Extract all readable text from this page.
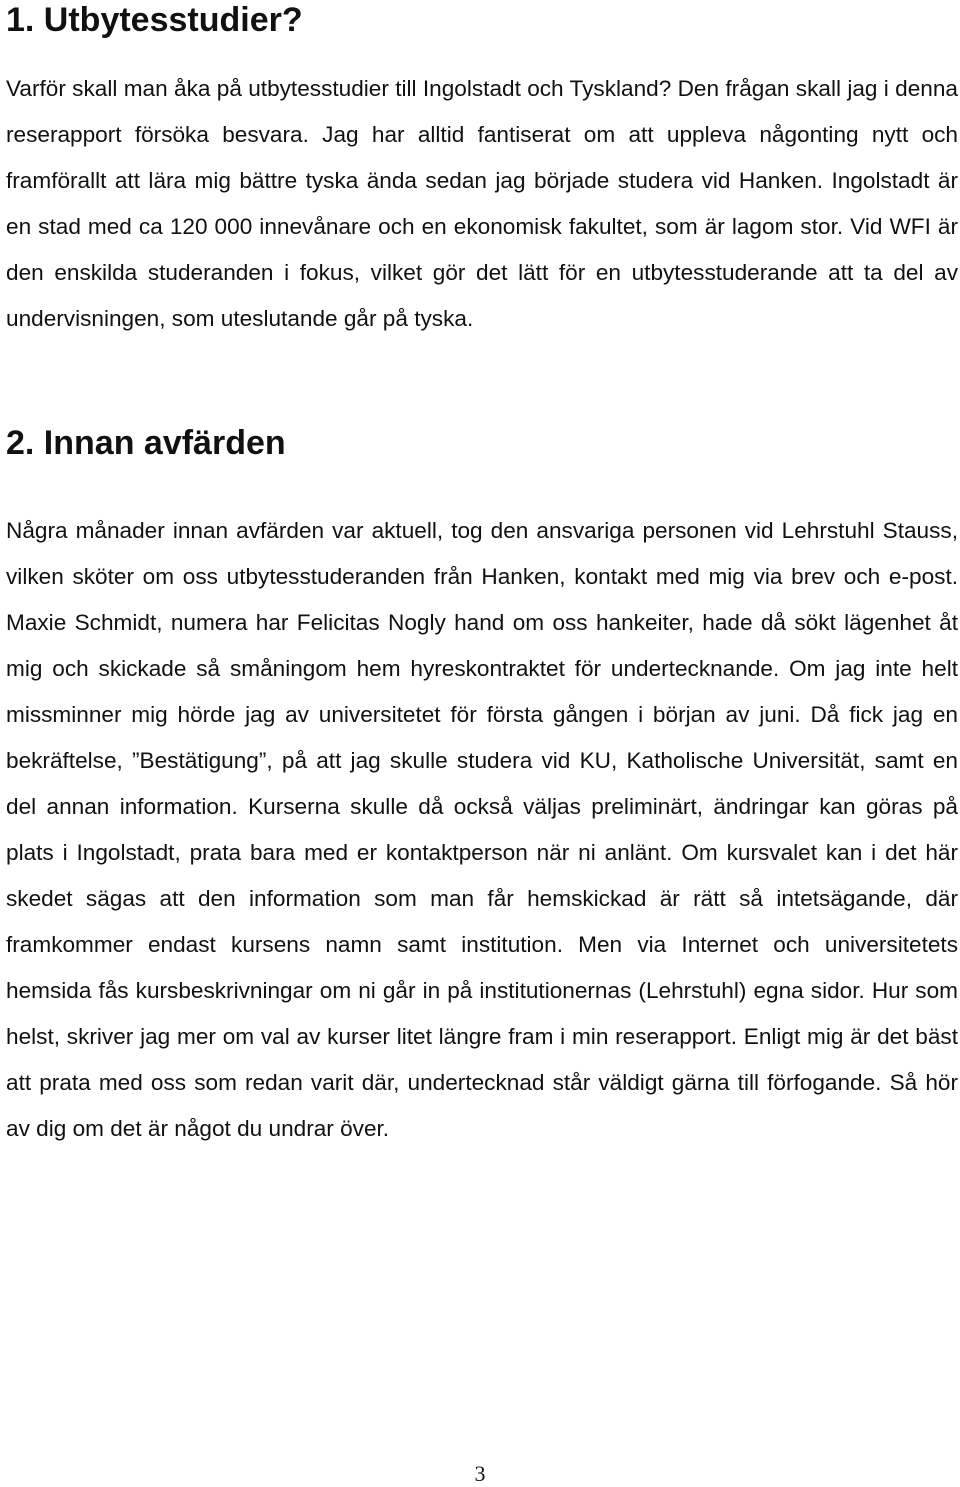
1. Utbytesstudier?

Varför skall man åka på utbytesstudier till Ingolstadt och Tyskland? Den frågan skall jag i denna reserapport försöka besvara. Jag har alltid fantiserat om att uppleva någonting nytt och framförallt att lära mig bättre tyska ända sedan jag började studera vid Hanken. Ingolstadt är en stad med ca 120 000 innevånare och en ekonomisk fakultet, som är lagom stor. Vid WFI är den enskilda studeranden i fokus, vilket gör det lätt för en utbytesstuderande att ta del av undervisningen, som uteslutande går på tyska.

2. Innan avfärden

Några månader innan avfärden var aktuell, tog den ansvariga personen vid Lehrstuhl Stauss, vilken sköter om oss utbytesstuderanden från Hanken, kontakt med mig via brev och e-post. Maxie Schmidt, numera har Felicitas Nogly hand om oss hankeiter, hade då sökt lägenhet åt mig och skickade så småningom hem hyreskontraktet för undertecknande. Om jag inte helt missminner mig hörde jag av universitetet för första gången i början av juni. Då fick jag en bekräftelse, ”Bestätigung”, på att jag skulle studera vid KU, Katholische Universität, samt en del annan information. Kurserna skulle då också väljas preliminärt, ändringar kan göras på plats i Ingolstadt, prata bara med er kontaktperson när ni anlänt. Om kursvalet kan i det här skedet sägas att den information som man får hemskickad är rätt så intetsägande, där framkommer endast kursens namn samt institution. Men via Internet och universitetets hemsida fås kursbeskrivningar om ni går in på institutionernas (Lehrstuhl) egna sidor. Hur som helst, skriver jag mer om val av kurser litet längre fram i min reserapport. Enligt mig är det bäst att prata med oss som redan varit där, undertecknad står väldigt gärna till förfogande. Så hör av dig om det är något du undrar över.

3
